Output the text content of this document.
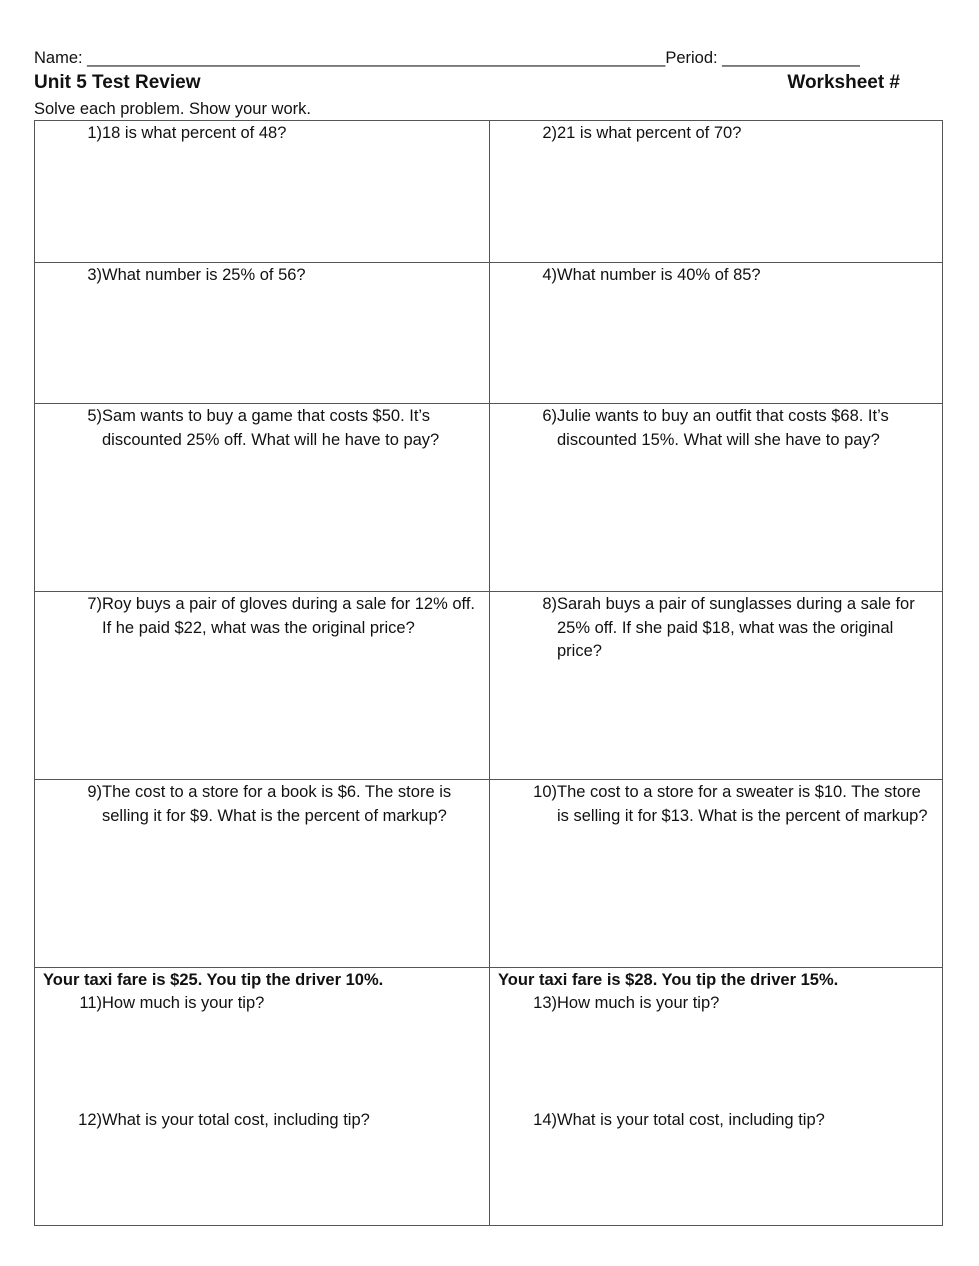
Name: _______________________________________________________________Period: _______________
Unit 5 Test Review	Worksheet #
Solve each problem. Show your work.
1) 18 is what percent of 48?	2) 21 is what percent of 70?
3) What number is 25% of 56?	4) What number is 40% of 85?
5) Sam wants to buy a game that costs $50. It’s discounted 25% off. What will he have to pay?
6) Julie wants to buy an outfit that costs $68. It’s discounted 15%. What will she have to pay?
7) Roy buys a pair of gloves during a sale for 12% off. If he paid $22, what was the original price?
8) Sarah buys a pair of sunglasses during a sale for 25% off. If she paid $18, what was the original price?
9) The cost to a store for a book is $6. The store is selling it for $9. What is the percent of markup?
10) The cost to a store for a sweater is $10. The store is selling it for $13. What is the percent of markup?
Your taxi fare is $25. You tip the driver 10%.
11) How much is your tip?
12) What is your total cost, including tip?
Your taxi fare is $28. You tip the driver 15%.
13) How much is your tip?
14) What is your total cost, including tip?
